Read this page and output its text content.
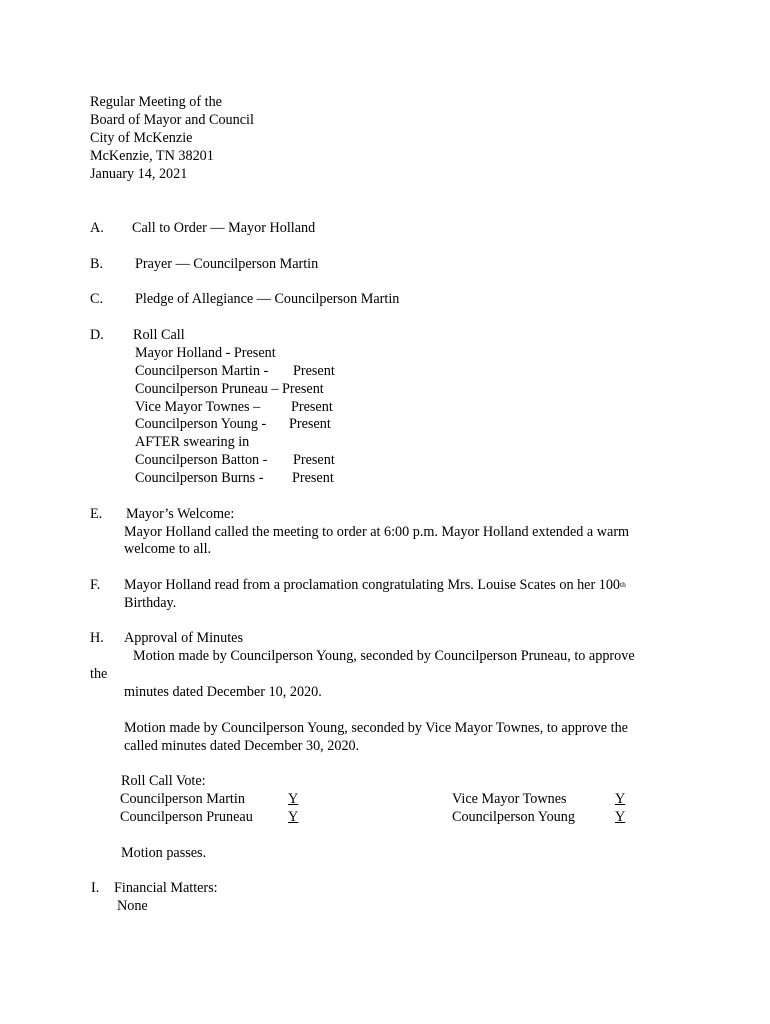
Regular Meeting of the
Board of Mayor and Council
City of McKenzie
McKenzie, TN 38201
January 14, 2021
A. Call to Order — Mayor Holland
B. Prayer — Councilperson Martin
C. Pledge of Allegiance — Councilperson Martin
D. Roll Call
Mayor Holland - Present
Councilperson Martin - Present
Councilperson Pruneau – Present
Vice Mayor Townes – Present
Councilperson Young - Present
AFTER swearing in
Councilperson Batton - Present
Councilperson Burns - Present
E. Mayor’s Welcome:
Mayor Holland called the meeting to order at 6:00 p.m. Mayor Holland extended a warm
welcome to all.
F. Mayor Holland read from a proclamation congratulating Mrs. Louise Scates on her 100th
Birthday.
H. Approval of Minutes
Motion made by Councilperson Young, seconded by Councilperson Pruneau, to approve
the
minutes dated December 10, 2020.
Motion made by Councilperson Young, seconded by Vice Mayor Townes, to approve the
called minutes dated December 30, 2020.
Roll Call Vote:
Councilperson Martin	Y	Vice Mayor Townes	Y
Councilperson Pruneau Y	Councilperson Young	Y
Motion passes.
I. Financial Matters:
None
